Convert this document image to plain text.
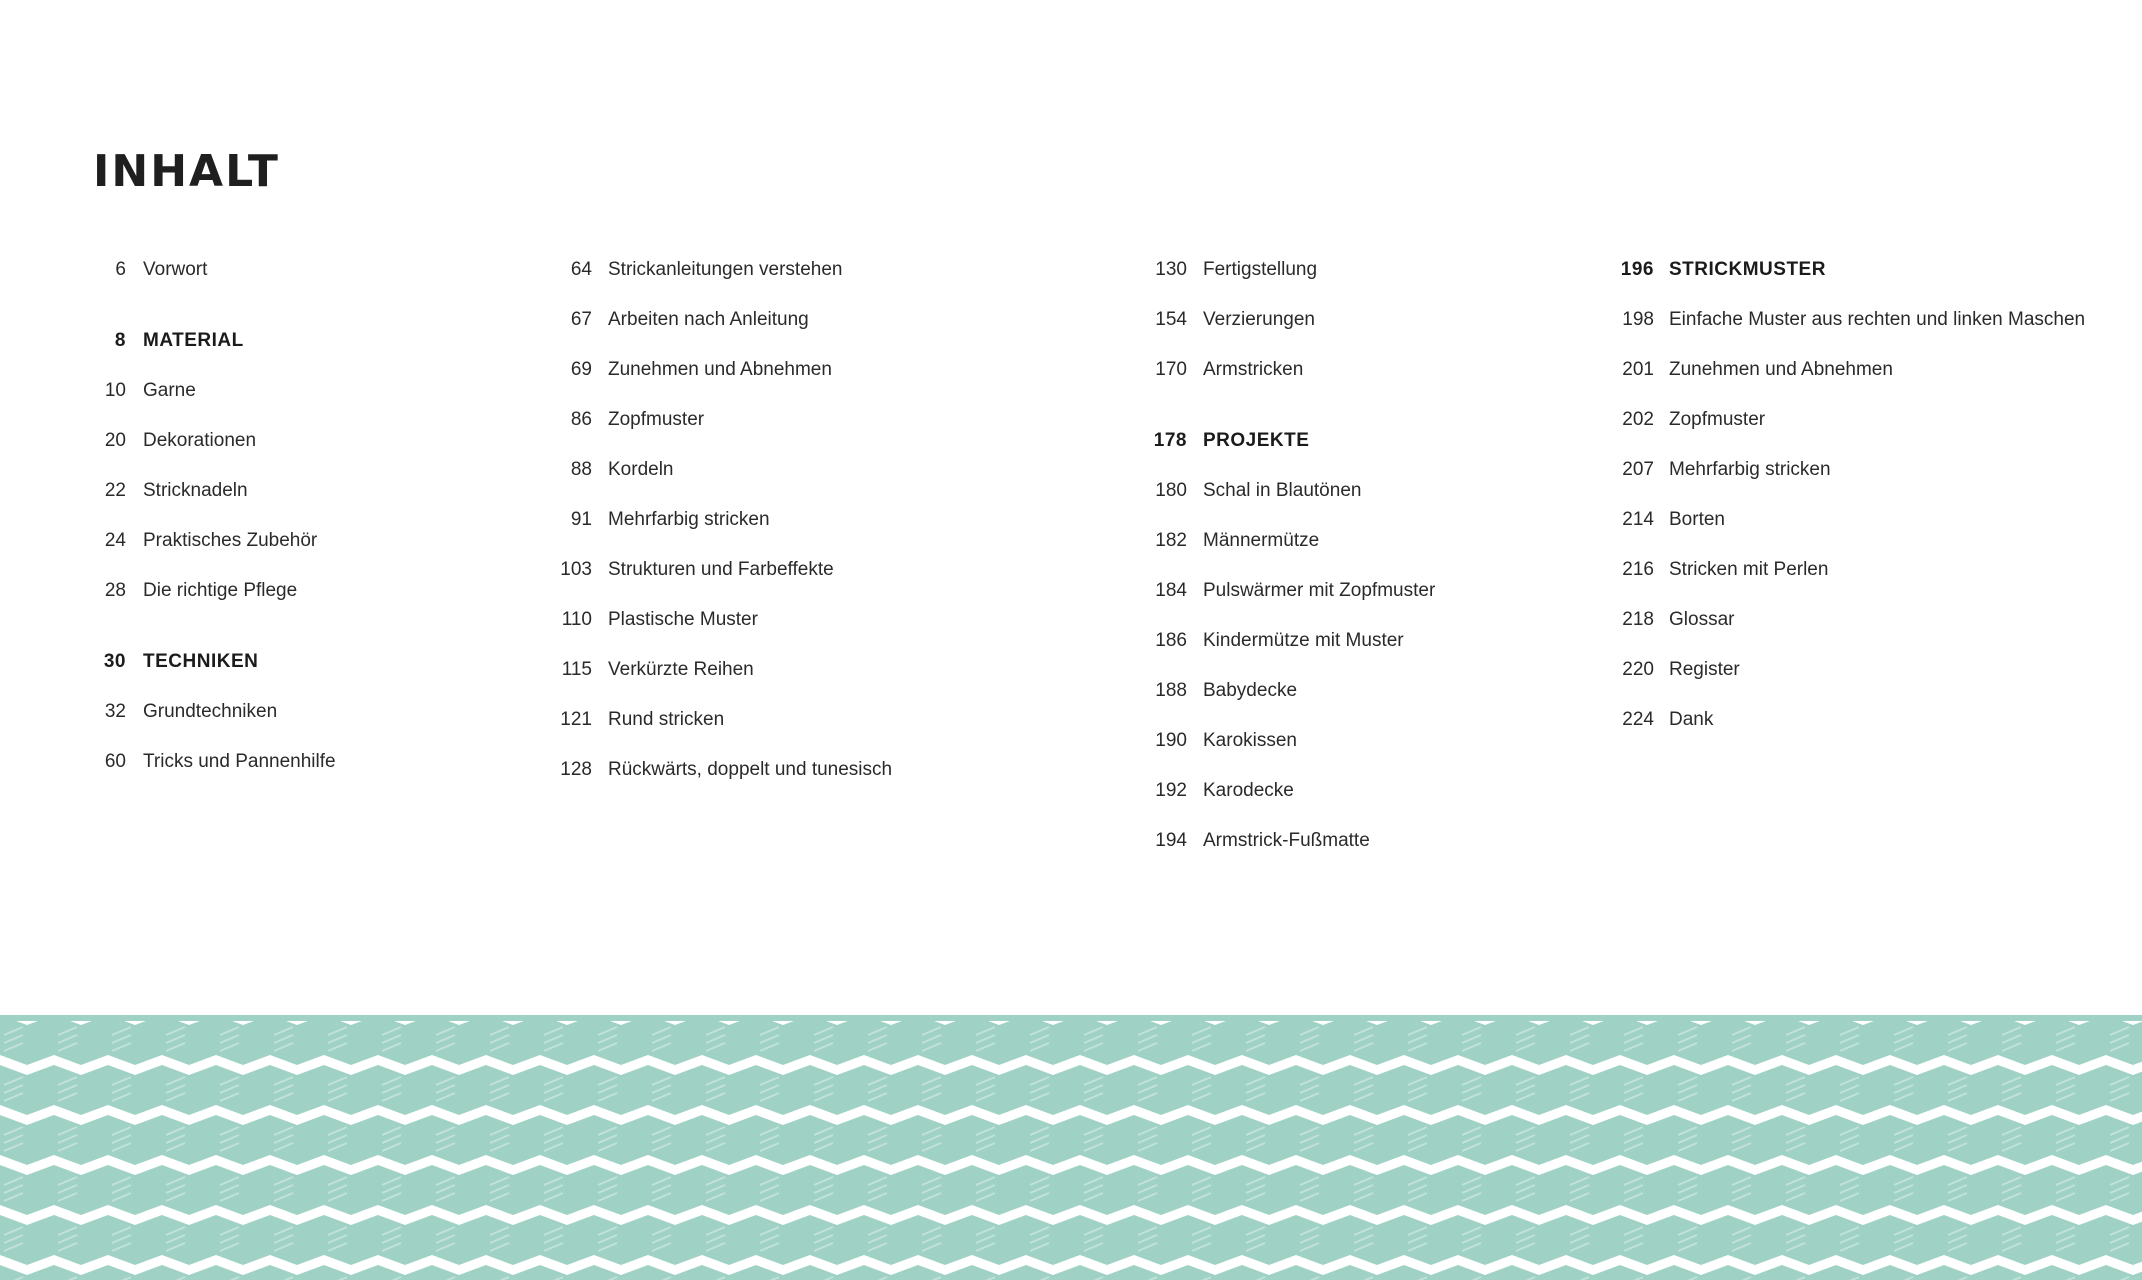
INHALT
6 Vorwort
8 MATERIAL
10 Garne
20 Dekorationen
22 Stricknadeln
24 Praktisches Zubehör
28 Die richtige Pflege
30 TECHNIKEN
32 Grundtechniken
60 Tricks und Pannenhilfe
64 Strickanleitungen verstehen
67 Arbeiten nach Anleitung
69 Zunehmen und Abnehmen
86 Zopfmuster
88 Kordeln
91 Mehrfarbig stricken
103 Strukturen und Farbeffekte
110 Plastische Muster
115 Verkürzte Reihen
121 Rund stricken
128 Rückwärts, doppelt und tunesisch
130 Fertigstellung
154 Verzierungen
170 Armstricken
178 PROJEKTE
180 Schal in Blautönen
182 Männermütze
184 Pulswärmer mit Zopfmuster
186 Kindermütze mit Muster
188 Babydecke
190 Karokissen
192 Karodecke
194 Armstrick-Fußmatte
196 STRICKMUSTER
198 Einfache Muster aus rechten und linken Maschen
201 Zunehmen und Abnehmen
202 Zopfmuster
207 Mehrfarbig stricken
214 Borten
216 Stricken mit Perlen
218 Glossar
220 Register
224 Dank
